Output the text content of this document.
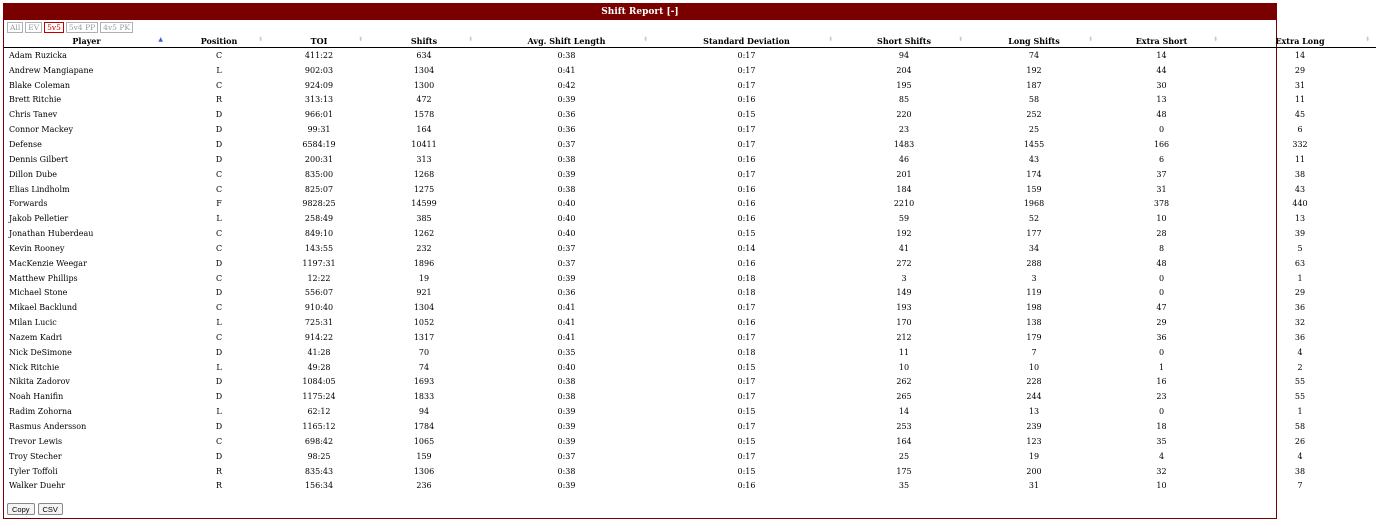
Shift Report [-]
All	EV	5v5	5v4 PP	4v5 PK
Player ▲	Position ⬍	TOI ⬍	Shifts ⬍	Avg. Shift Length ⬍	Standard Deviation ⬍	Short Shifts ⬍	Long Shifts ⬍	Extra Short ⬍	Extra Long ⬍

Adam Ruzicka	C	411:22	634	0:38	0:17	94	74	14	14
Andrew Mangiapane	L	902:03	1304	0:41	0:17	204	192	44	29
Blake Coleman	C	924:09	1300	0:42	0:17	195	187	30	31
Brett Ritchie	R	313:13	472	0:39	0:16	85	58	13	11
Chris Tanev	D	966:01	1578	0:36	0:15	220	252	48	45
Connor Mackey	D	99:31	164	0:36	0:17	23	25	0	6
Defense	D	6584:19	10411	0:37	0:17	1483	1455	166	332
Dennis Gilbert	D	200:31	313	0:38	0:16	46	43	6	11
Dillon Dube	C	835:00	1268	0:39	0:17	201	174	37	38
Elias Lindholm	C	825:07	1275	0:38	0:16	184	159	31	43
Forwards	F	9828:25	14599	0:40	0:16	2210	1968	378	440
Jakob Pelletier	L	258:49	385	0:40	0:16	59	52	10	13
Jonathan Huberdeau	C	849:10	1262	0:40	0:15	192	177	28	39
Kevin Rooney	C	143:55	232	0:37	0:14	41	34	8	5
MacKenzie Weegar	D	1197:31	1896	0:37	0:16	272	288	48	63
Matthew Phillips	C	12:22	19	0:39	0:18	3	3	0	1
Michael Stone	D	556:07	921	0:36	0:18	149	119	0	29
Mikael Backlund	C	910:40	1304	0:41	0:17	193	198	47	36
Milan Lucic	L	725:31	1052	0:41	0:16	170	138	29	32
Nazem Kadri	C	914:22	1317	0:41	0:17	212	179	36	36
Nick DeSimone	D	41:28	70	0:35	0:18	11	7	0	4
Nick Ritchie	L	49:28	74	0:40	0:15	10	10	1	2
Nikita Zadorov	D	1084:05	1693	0:38	0:17	262	228	16	55
Noah Hanifin	D	1175:24	1833	0:38	0:17	265	244	23	55
Radim Zohorna	L	62:12	94	0:39	0:15	14	13	0	1
Rasmus Andersson	D	1165:12	1784	0:39	0:17	253	239	18	58
Trevor Lewis	C	698:42	1065	0:39	0:15	164	123	35	26
Troy Stecher	D	98:25	159	0:37	0:17	25	19	4	4
Tyler Toffoli	R	835:43	1306	0:38	0:15	175	200	32	38
Walker Duehr	R	156:34	236	0:39	0:16	35	31	10	7
Copy	CSV
